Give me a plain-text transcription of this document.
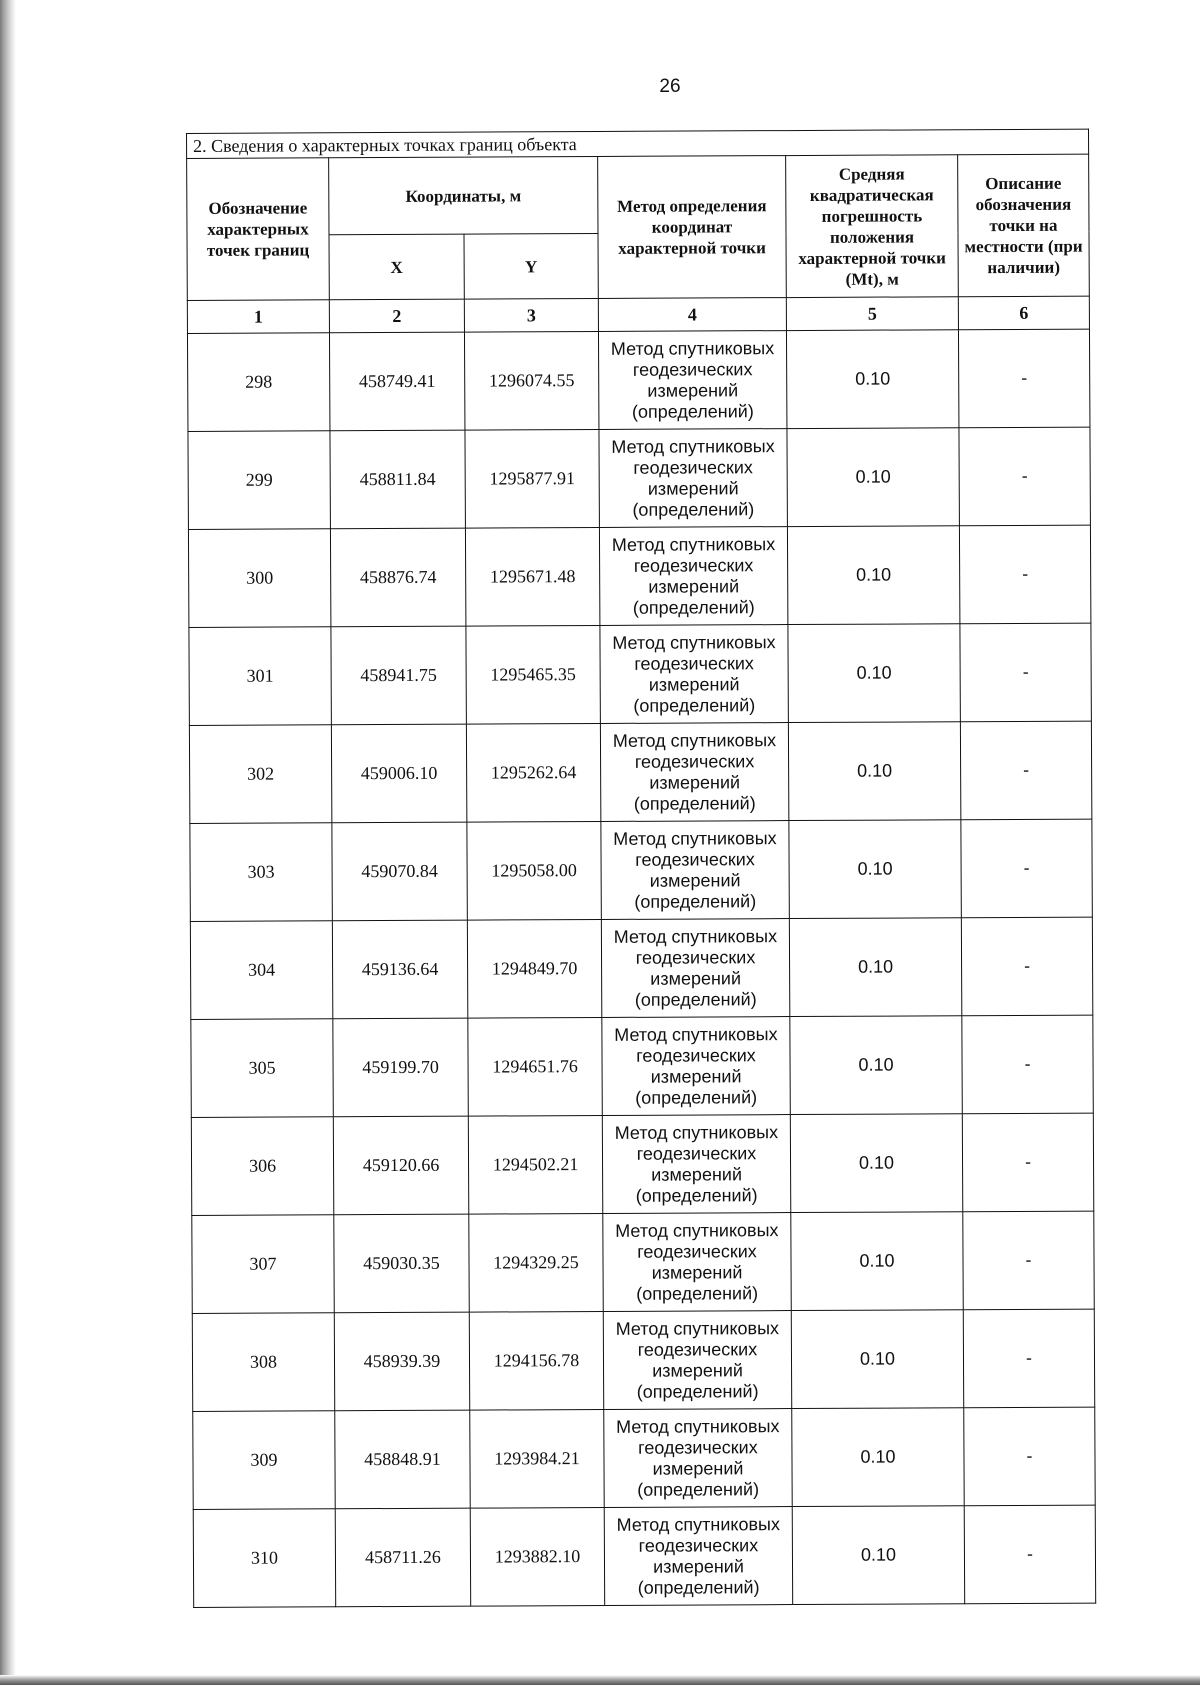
26
2. Сведения о характерных точках границ объекта					
Обозначение характерных точек границ	Координаты, м		Метод определения координат характерной точки	Средняя квадратическая погрешность положения характерной точки (Mt), м	Описание обозначения точки на местности (при наличии)
	X	Y			
1	2	3	4	5	6
298	458749.41	1296074.55	Метод спутниковых геодезических измерений (определений)	0.10	-
299	458811.84	1295877.91	Метод спутниковых геодезических измерений (определений)	0.10	-
300	458876.74	1295671.48	Метод спутниковых геодезических измерений (определений)	0.10	-
301	458941.75	1295465.35	Метод спутниковых геодезических измерений (определений)	0.10	-
302	459006.10	1295262.64	Метод спутниковых геодезических измерений (определений)	0.10	-
303	459070.84	1295058.00	Метод спутниковых геодезических измерений (определений)	0.10	-
304	459136.64	1294849.70	Метод спутниковых геодезических измерений (определений)	0.10	-
305	459199.70	1294651.76	Метод спутниковых геодезических измерений (определений)	0.10	-
306	459120.66	1294502.21	Метод спутниковых геодезических измерений (определений)	0.10	-
307	459030.35	1294329.25	Метод спутниковых геодезических измерений (определений)	0.10	-
308	458939.39	1294156.78	Метод спутниковых геодезических измерений (определений)	0.10	-
309	458848.91	1293984.21	Метод спутниковых геодезических измерений (определений)	0.10	-
310	458711.26	1293882.10	Метод спутниковых геодезических измерений (определений)	0.10	-
